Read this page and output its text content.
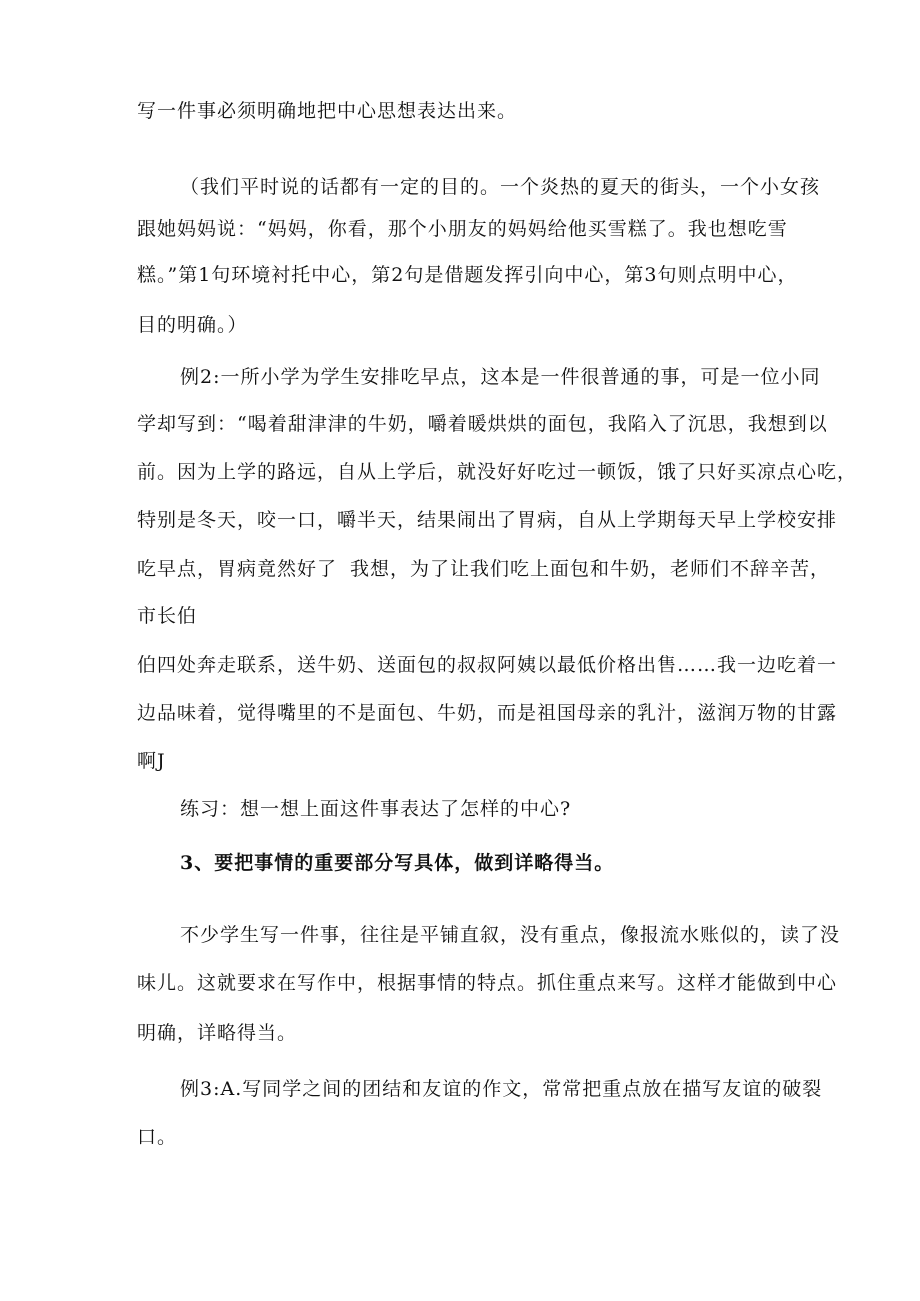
写一件事必须明确地把中心思想表达出来。
（我们平时说的话都有一定的目的。一个炎热的夏天的街头，一个小女孩
跟她妈妈说：“妈妈，你看，那个小朋友的妈妈给他买雪糕了。我也想吃雪
糕。”第1句环境衬托中心，第2句是借题发挥引向中心，第3句则点明中心，
目的明确。）
例2:一所小学为学生安排吃早点，这本是一件很普通的事，可是一位小同
学却写到：“喝着甜津津的牛奶，嚼着暖烘烘的面包，我陷入了沉思，我想到以
前。因为上学的路远，自从上学后，就没好好吃过一顿饭，饿了只好买凉点心吃，
特别是冬天，咬一口，嚼半天，结果闹出了胃病，自从上学期每天早上学校安排
吃早点，胃病竟然好了 我想，为了让我们吃上面包和牛奶，老师们不辞辛苦，
市长伯
伯四处奔走联系，送牛奶、送面包的叔叔阿姨以最低价格出售……我一边吃着一
边品味着，觉得嘴里的不是面包、牛奶，而是祖国母亲的乳汁，滋润万物的甘露
啊J
练习：想一想上面这件事表达了怎样的中心?
3、要把事情的重要部分写具体，做到详略得当。
不少学生写一件事，往往是平铺直叙，没有重点，像报流水账似的，读了没
味儿。这就要求在写作中，根据事情的特点。抓住重点来写。这样才能做到中心
明确，详略得当。
例3:A.写同学之间的团结和友谊的作文，常常把重点放在描写友谊的破裂
口。
